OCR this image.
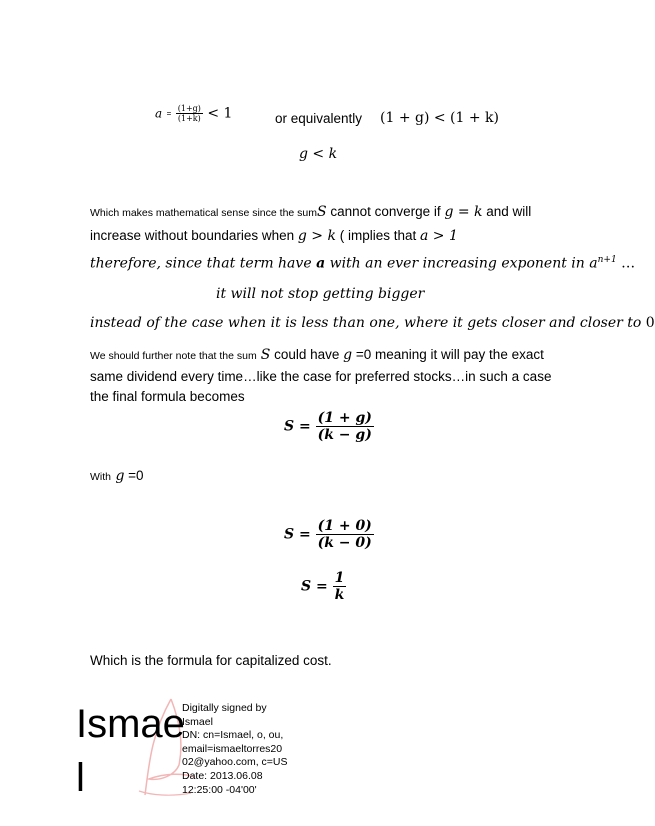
$a = \frac{(1+g)}{(1+k)} < 1$	or equivalently (1 + g) < (1 + k)
g < k
Which makes mathematical sense since the sumS cannot converge if g = k and will
increase without boundaries when g > k ( implies that a > 1
therefore, since that term have a with an ever increasing exponent in $a^{n+1}$ …
it will not stop getting bigger
instead of the case when it is less than one, where it gets closer and closer to 0
We should further note that the sum S could have g =0 meaning it will pay the exact
same dividend every time…like the case for preferred stocks…in such a case
the final formula becomes
$S = \frac{(1 + g)}{(k - g)}$
With g =0
$S = \frac{(1 + 0)}{(k - 0)}$
$S = \frac{1}{k}$
Which is the formula for capitalized cost.
Ismae
l
Digitally signed by
Ismael
DN: cn=Ismael, o, ou,
email=ismaeltorres20
02@yahoo.com, c=US
Date: 2013.06.08
12:25:00 -04'00'
